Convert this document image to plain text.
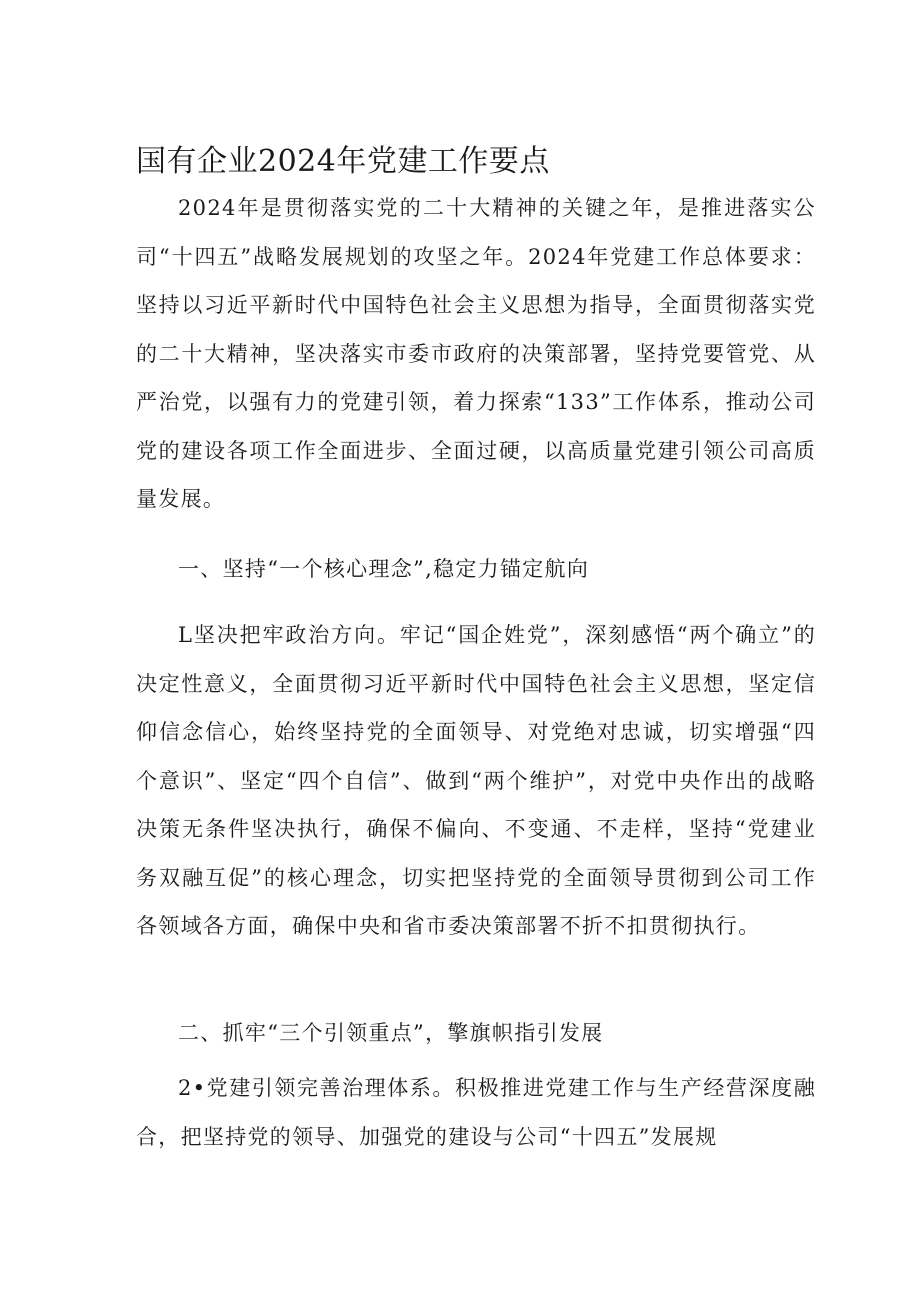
国有企业2024年党建工作要点

2024年是贯彻落实党的二十大精神的关键之年，是推进落实公司“十四五”战略发展规划的攻坚之年。2024年党建工作总体要求：坚持以习近平新时代中国特色社会主义思想为指导，全面贯彻落实党的二十大精神，坚决落实市委市政府的决策部署，坚持党要管党、从严治党，以强有力的党建引领，着力探索“133”工作体系，推动公司党的建设各项工作全面进步、全面过硬，以高质量党建引领公司高质量发展。

一、坚持“一个核心理念”,稳定力锚定航向

L坚决把牢政治方向。牢记“国企姓党”，深刻感悟“两个确立”的决定性意义，全面贯彻习近平新时代中国特色社会主义思想，坚定信仰信念信心，始终坚持党的全面领导、对党绝对忠诚，切实增强“四个意识”、坚定“四个自信”、做到“两个维护”，对党中央作出的战略决策无条件坚决执行，确保不偏向、不变通、不走样，坚持“党建业务双融互促”的核心理念，切实把坚持党的全面领导贯彻到公司工作各领域各方面，确保中央和省市委决策部署不折不扣贯彻执行。

二、抓牢“三个引领重点”，擎旗帜指引发展

2•党建引领完善治理体系。积极推进党建工作与生产经营深度融合，把坚持党的领导、加强党的建设与公司“十四五”发展规
